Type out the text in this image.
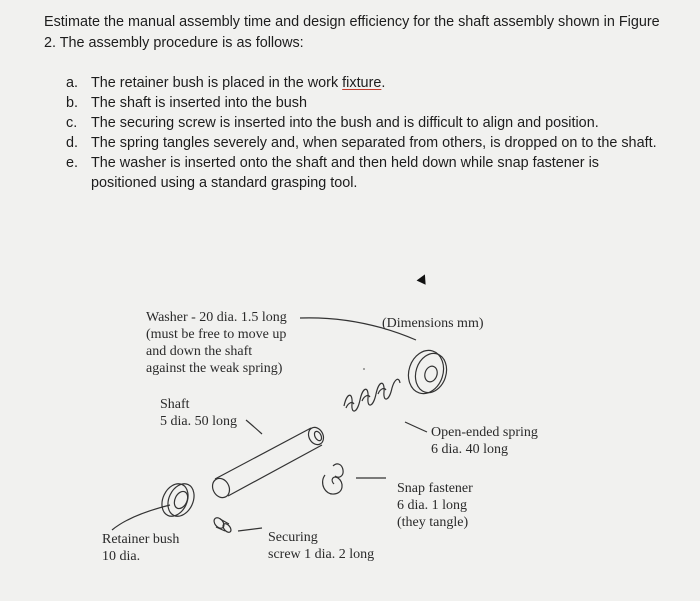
Estimate the manual assembly time and design efficiency for the shaft assembly shown in Figure 2. The assembly procedure is as follows:
a. The retainer bush is placed in the work fixture.
b. The shaft is inserted into the bush
c. The securing screw is inserted into the bush and is difficult to align and position.
d. The spring tangles severely and, when separated from others, is dropped on to the shaft.
e. The washer is inserted onto the shaft and then held down while snap fastener is positioned using a standard grasping tool.
Washer - 20 dia. 1.5 long
(must be free to move up
and down the shaft
against the weak spring)
(Dimensions mm)
Shaft
5 dia. 50 long
Open-ended spring
6 dia. 40 long
Snap fastener
6 dia. 1 long
(they tangle)
Retainer bush
10 dia.
Securing
screw 1 dia. 2 long
